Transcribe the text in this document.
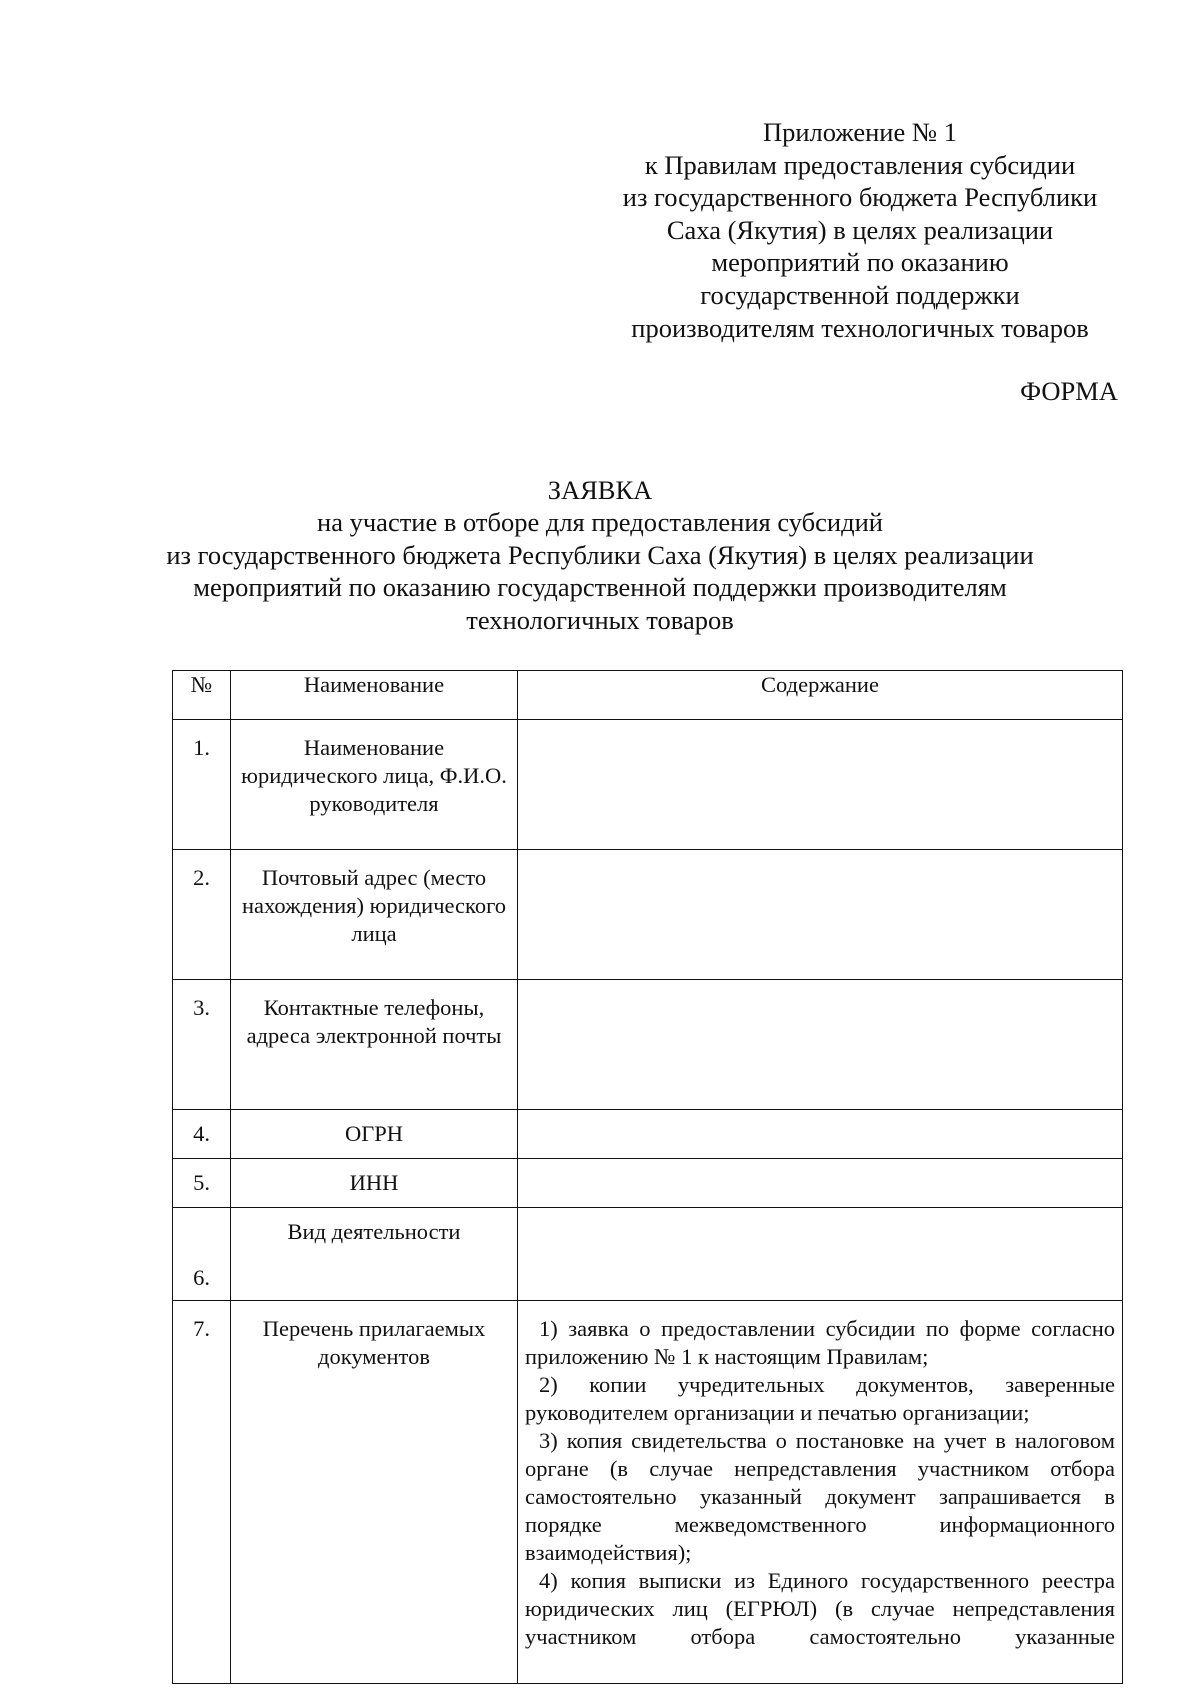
Приложение № 1
к Правилам предоставления субсидии
из государственного бюджета Республики
Саха (Якутия) в целях реализации
мероприятий по оказанию
государственной поддержки
производителям технологичных товаров
ФОРМА
ЗАЯВКА
на участие в отборе для предоставления субсидий
из государственного бюджета Республики Саха (Якутия) в целях реализации
мероприятий по оказанию государственной поддержки производителям
технологичных товаров
№	Наименование	Содержание
1.	Наименование юридического лица, Ф.И.О. руководителя	
2.	Почтовый адрес (место нахождения) юридического лица	
3.	Контактные телефоны, адреса электронной почты	
4.	ОГРН	
5.	ИНН	
6.	Вид деятельности	
7.	Перечень прилагаемых документов	1) заявка о предоставлении субсидии по форме согласно приложению № 1 к настоящим Правилам;

2) копии учредительных документов, заверенные руководителем организации и печатью организации;

3) копия свидетельства о постановке на учет в налоговом органе (в случае непредставления участником отбора самостоятельно указанный документ запрашивается в порядке межведомственного информационного взаимодействия);

4) копия выписки из Единого государственного реестра юридических лиц (ЕГРЮЛ) (в случае непредставления участником отбора самостоятельно указанные
